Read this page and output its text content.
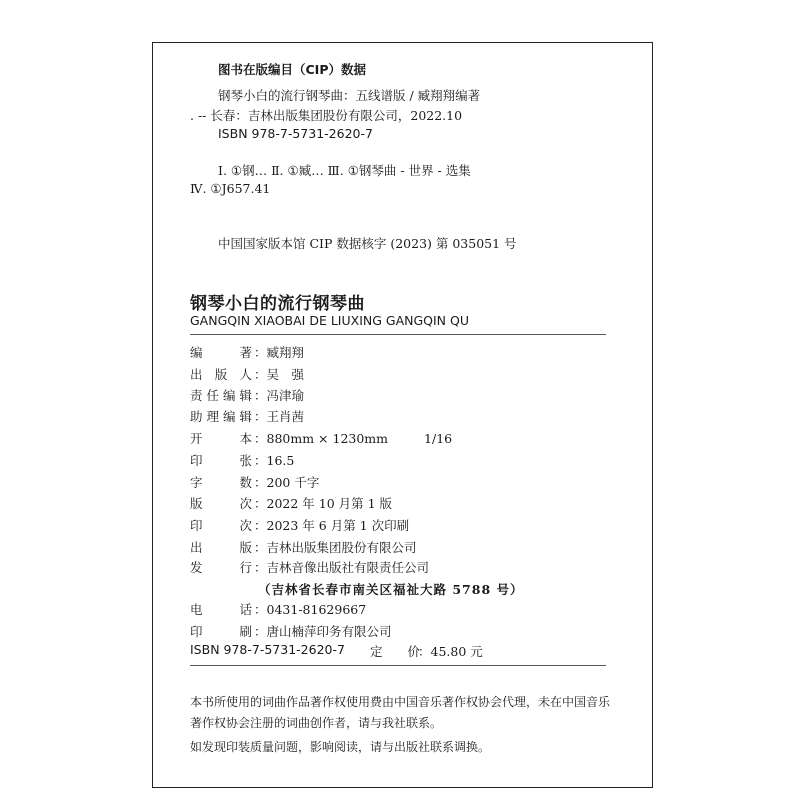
图书在版编目（CIP）数据
钢琴小白的流行钢琴曲：五线谱版 / 臧翔翔编著
. -- 长春：吉林出版集团股份有限公司，2022.10
ISBN 978-7-5731-2620-7
Ⅰ. ①钢… Ⅱ. ①臧… Ⅲ. ①钢琴曲 - 世界 - 选集
Ⅳ. ①J657.41
中国国家版本馆 CIP 数据核字 (2023) 第 035051 号
钢琴小白的流行钢琴曲
GANGQIN XIAOBAI DE LIUXING GANGQIN QU
编　　著 ：臧翔翔
出 版 人 ：吴　强
责任编辑 ：冯津瑜
助理编辑 ：王肖茜
开　　本 ：880mm × 1230mm	1/16
印　　张 ：16.5
字　　数 ：200 千字
版　　次 ：2022 年 10 月第 1 版
印　　次 ：2023 年 6 月第 1 次印刷
出　　版 ：吉林出版集团股份有限公司
发　　行 ：吉林音像出版社有限责任公司
（吉林省长春市南关区福祉大路 5788 号）
电　　话 ：0431-81629667
印　　刷 ：唐山楠萍印务有限公司
ISBN 978-7-5731-2620-7 定　　价：45.80 元
本书所使用的词曲作品著作权使用费由中国音乐著作权协会代理，未在中国音乐
著作权协会注册的词曲创作者，请与我社联系。
如发现印装质量问题，影响阅读，请与出版社联系调换。
